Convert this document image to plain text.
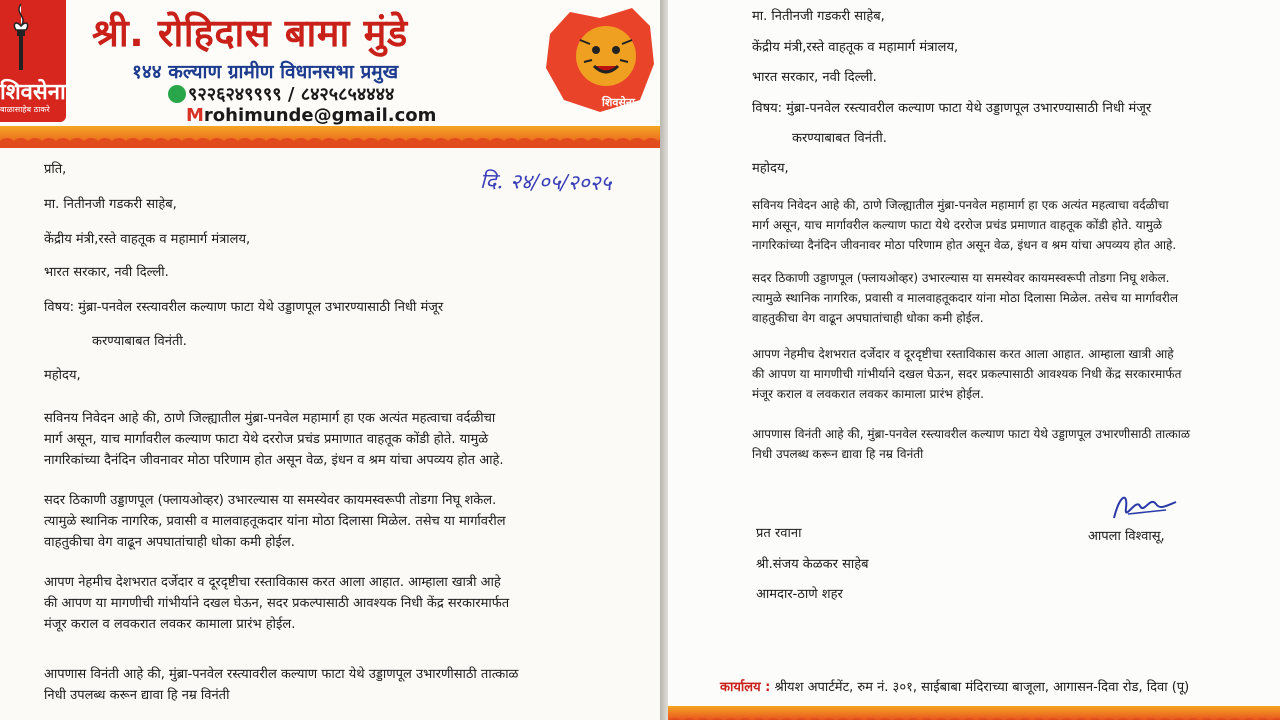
शिवसेना
बाळासाहेब ठाकरे
श्री. रोहिदास बामा मुंडे
१४४ कल्याण ग्रामीण विधानसभा प्रमुख
९२२६२४९९९९ / ८४२५८५४४४४
Mrohimunde@gmail.com
शिवसेना
प्रति,	दि. २४/०५/२०२५
मा. नितीनजी गडकरी साहेब,
केंद्रीय मंत्री,रस्ते वाहतूक व महामार्ग मंत्रालय,
भारत सरकार, नवी दिल्ली.
विषय: मुंब्रा-पनवेल रस्त्यावरील कल्याण फाटा येथे उड्डाणपूल उभारण्यासाठी निधी मंजूर
करण्याबाबत विनंती.
महोदय,
सविनय निवेदन आहे की, ठाणे जिल्ह्यातील मुंब्रा-पनवेल महामार्ग हा एक अत्यंत महत्वाचा वर्दळीचा
मार्ग असून, याच मार्गावरील कल्याण फाटा येथे दररोज प्रचंड प्रमाणात वाहतूक कोंडी होते. यामुळे
नागरिकांच्या दैनंदिन जीवनावर मोठा परिणाम होत असून वेळ, इंधन व श्रम यांचा अपव्यय होत आहे.
सदर ठिकाणी उड्डाणपूल (फ्लायओव्हर) उभारल्यास या समस्येवर कायमस्वरूपी तोडगा निघू शकेल.
त्यामुळे स्थानिक नागरिक, प्रवासी व मालवाहतूकदार यांना मोठा दिलासा मिळेल. तसेच या मार्गावरील
वाहतुकीचा वेग वाढून अपघातांचाही धोका कमी होईल.
आपण नेहमीच देशभरात दर्जेदार व दूरदृष्टीचा रस्ताविकास करत आला आहात. आम्हाला खात्री आहे
की आपण या मागणीची गांभीर्याने दखल घेऊन, सदर प्रकल्पासाठी आवश्यक निधी केंद्र सरकारमार्फत
मंजूर कराल व लवकरात लवकर कामाला प्रारंभ होईल.
आपणास विनंती आहे की, मुंब्रा-पनवेल रस्त्यावरील कल्याण फाटा येथे उड्डाणपूल उभारणीसाठी तात्काळ
निधी उपलब्ध करून द्यावा हि नम्र विनंती
मा. नितीनजी गडकरी साहेब,
केंद्रीय मंत्री,रस्ते वाहतूक व महामार्ग मंत्रालय,
भारत सरकार, नवी दिल्ली.
विषय: मुंब्रा-पनवेल रस्त्यावरील कल्याण फाटा येथे उड्डाणपूल उभारण्यासाठी निधी मंजूर
करण्याबाबत विनंती.
महोदय,
सविनय निवेदन आहे की, ठाणे जिल्ह्यातील मुंब्रा-पनवेल महामार्ग हा एक अत्यंत महत्वाचा वर्दळीचा
मार्ग असून, याच मार्गावरील कल्याण फाटा येथे दररोज प्रचंड प्रमाणात वाहतूक कोंडी होते. यामुळे
नागरिकांच्या दैनंदिन जीवनावर मोठा परिणाम होत असून वेळ, इंधन व श्रम यांचा अपव्यय होत आहे.
सदर ठिकाणी उड्डाणपूल (फ्लायओव्हर) उभारल्यास या समस्येवर कायमस्वरूपी तोडगा निघू शकेल.
त्यामुळे स्थानिक नागरिक, प्रवासी व मालवाहतूकदार यांना मोठा दिलासा मिळेल. तसेच या मार्गावरील
वाहतुकीचा वेग वाढून अपघातांचाही धोका कमी होईल.
आपण नेहमीच देशभरात दर्जेदार व दूरदृष्टीचा रस्ताविकास करत आला आहात. आम्हाला खात्री आहे
की आपण या मागणीची गांभीर्याने दखल घेऊन, सदर प्रकल्पासाठी आवश्यक निधी केंद्र सरकारमार्फत
मंजूर कराल व लवकरात लवकर कामाला प्रारंभ होईल.
आपणास विनंती आहे की, मुंब्रा-पनवेल रस्त्यावरील कल्याण फाटा येथे उड्डाणपूल उभारणीसाठी तात्काळ
निधी उपलब्ध करून द्यावा हि नम्र विनंती
आपला विश्वासू,
प्रत रवाना
श्री.संजय केळकर साहेब
आमदार-ठाणे शहर
कार्यालय : श्रीयश अपार्टमेंट, रुम नं. ३०१, साईबाबा मंदिराच्या बाजूला, आगासन-दिवा रोड, दिवा (पू)
